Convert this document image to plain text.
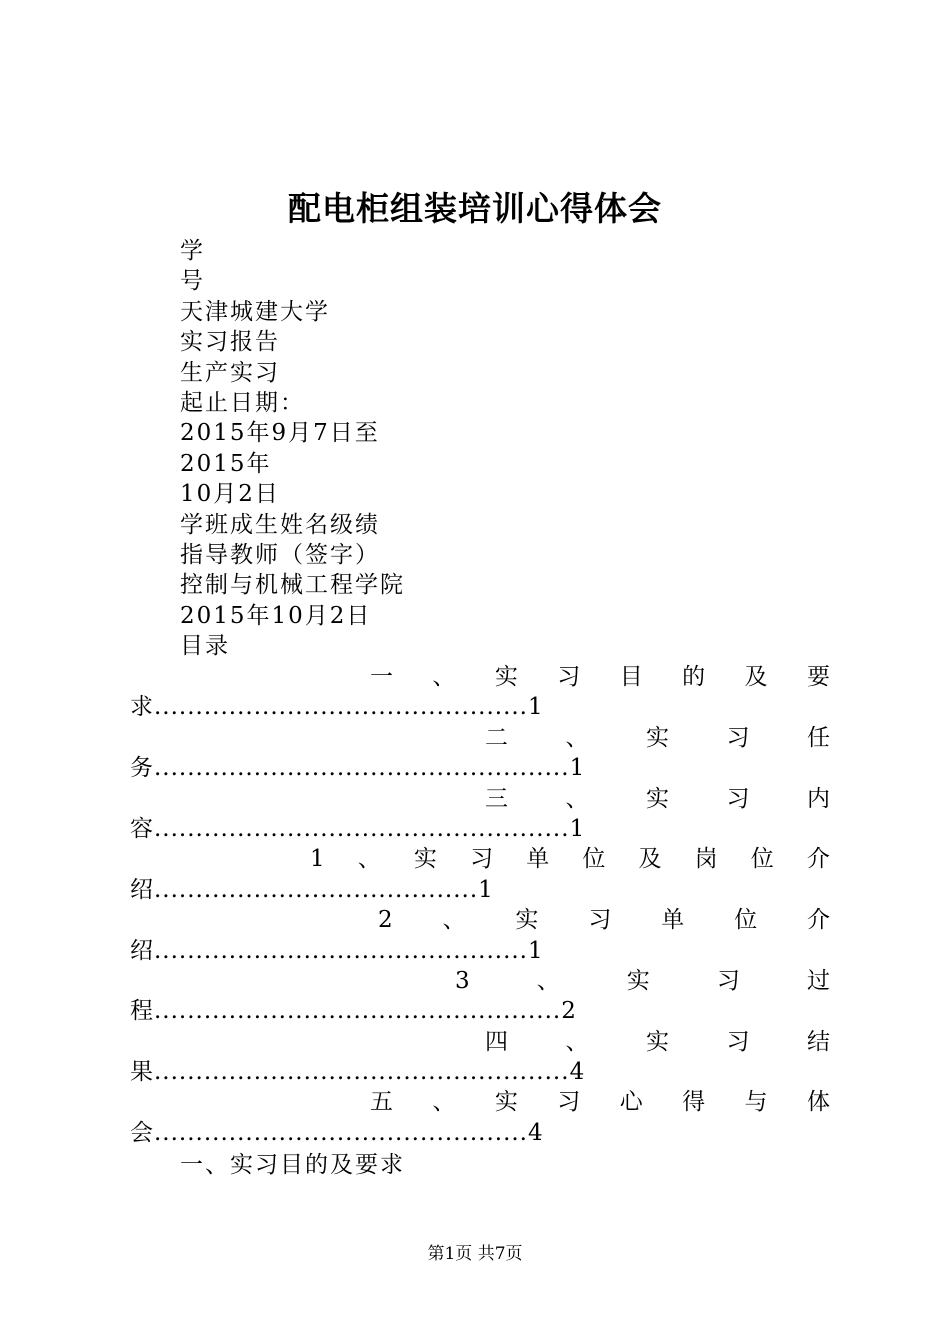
配电柜组装培训心得体会
学
号
天津城建大学
实习报告
生产实习
起止日期：
2015年9月7日至
2015年
10月2日
学班成生姓名级绩
指导教师（签字）
控制与机械工程学院
2015年10月2日
目录
一 、 实 习 目 的 及 要
求.............................................1
二	、	实	习	任
务..................................................1
三	、	实	习	内
容..................................................1
1 、 实 习 单 位 及 岗 位 介
绍.......................................1
2 、 实 习 单 位 介
绍.............................................1
3	、	实	习	过
程.................................................2
四	、	实	习	结
果..................................................4
五 、 实 习 心 得 与 体
会.............................................4
一、实习目的及要求
第1页 共7页
